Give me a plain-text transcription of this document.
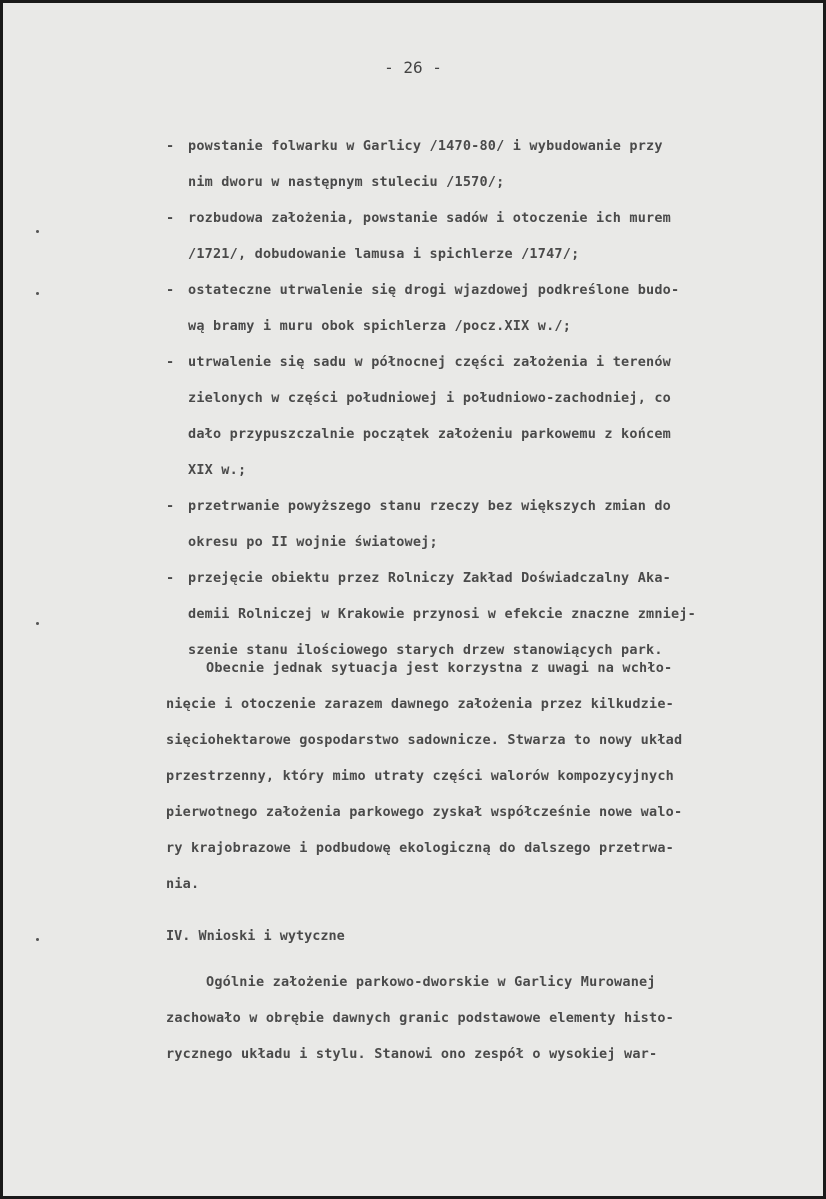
- 26 -
- powstanie folwarku w Garlicy /1470-80/ i wybudowanie przy
nim dworu w następnym stuleciu /1570/;
- rozbudowa założenia, powstanie sadów i otoczenie ich murem
/1721/, dobudowanie lamusa i spichlerze /1747/;
- ostateczne utrwalenie się drogi wjazdowej podkreślone budo-
wą bramy i muru obok spichlerza /pocz.XIX w./;
- utrwalenie się sadu w północnej części założenia i terenów
zielonych w części południowej i południowo-zachodniej, co
dało przypuszczalnie początek założeniu parkowemu z końcem
XIX w.;
- przetrwanie powyższego stanu rzeczy bez większych zmian do
okresu po II wojnie światowej;
- przejęcie obiektu przez Rolniczy Zakład Doświadczalny Aka-
demii Rolniczej w Krakowie przynosi w efekcie znaczne zmniej-
szenie stanu ilościowego starych drzew stanowiących park.
Obecnie jednak sytuacja jest korzystna z uwagi na wchło-
nięcie i otoczenie zarazem dawnego założenia przez kilkudzie-
sięciohektarowe gospodarstwo sadownicze. Stwarza to nowy układ
przestrzenny, który mimo utraty części walorów kompozycyjnych
pierwotnego założenia parkowego zyskał współcześnie nowe walo-
ry krajobrazowe i podbudowę ekologiczną do dalszego przetrwa-
nia.
IV. Wnioski i wytyczne
Ogólnie założenie parkowo-dworskie w Garlicy Murowanej
zachowało w obrębie dawnych granic podstawowe elementy histo-
rycznego układu i stylu. Stanowi ono zespół o wysokiej war-
